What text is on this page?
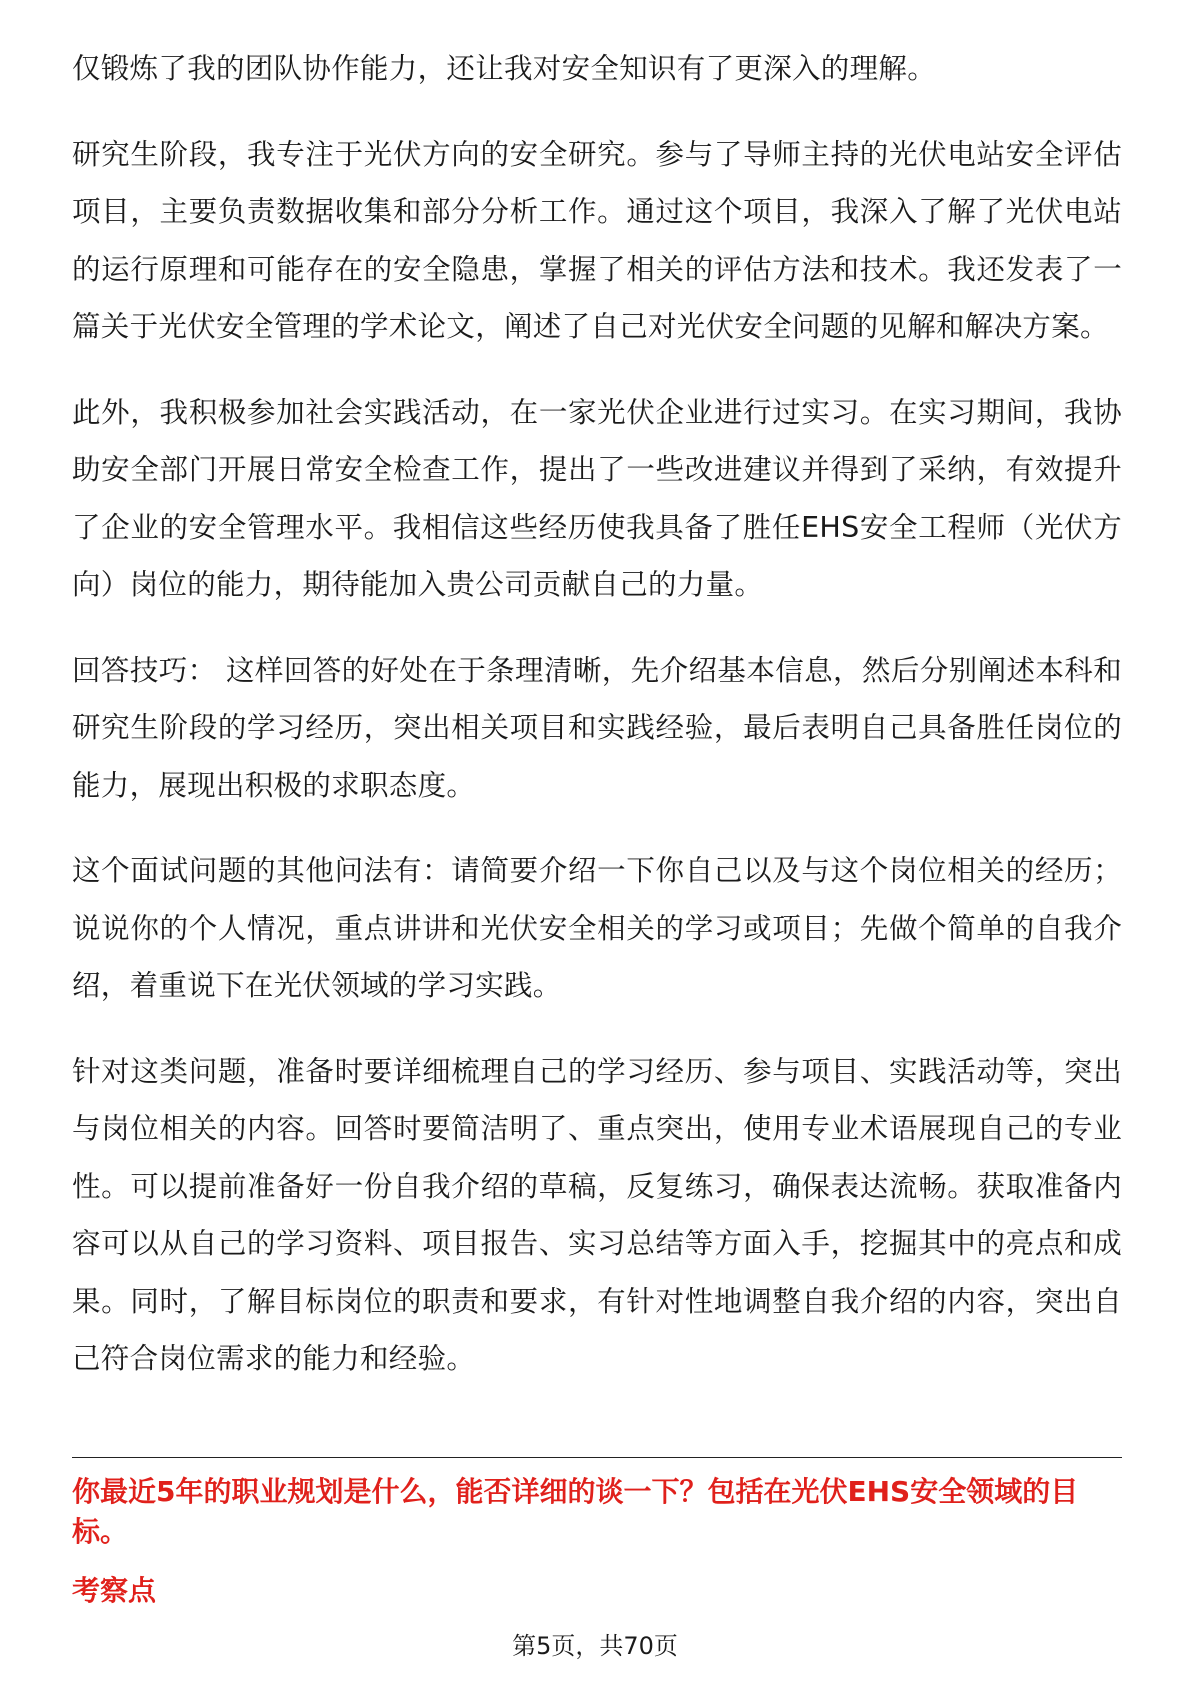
仅锻炼了我的团队协作能力，还让我对安全知识有了更深入的理解。

研究生阶段，我专注于光伏方向的安全研究。参与了导师主持的光伏电站安全评估项目，主要负责数据收集和部分分析工作。通过这个项目，我深入了解了光伏电站的运行原理和可能存在的安全隐患，掌握了相关的评估方法和技术。我还发表了一篇关于光伏安全管理的学术论文，阐述了自己对光伏安全问题的见解和解决方案。

此外，我积极参加社会实践活动，在一家光伏企业进行过实习。在实习期间，我协助安全部门开展日常安全检查工作，提出了一些改进建议并得到了采纳，有效提升了企业的安全管理水平。我相信这些经历使我具备了胜任EHS安全工程师（光伏方向）岗位的能力，期待能加入贵公司贡献自己的力量。

回答技巧： 这样回答的好处在于条理清晰，先介绍基本信息，然后分别阐述本科和研究生阶段的学习经历，突出相关项目和实践经验，最后表明自己具备胜任岗位的能力，展现出积极的求职态度。

这个面试问题的其他问法有：请简要介绍一下你自己以及与这个岗位相关的经历；说说你的个人情况，重点讲讲和光伏安全相关的学习或项目；先做个简单的自我介绍，着重说下在光伏领域的学习实践。

针对这类问题，准备时要详细梳理自己的学习经历、参与项目、实践活动等，突出与岗位相关的内容。回答时要简洁明了、重点突出，使用专业术语展现自己的专业性。可以提前准备好一份自我介绍的草稿，反复练习，确保表达流畅。获取准备内容可以从自己的学习资料、项目报告、实习总结等方面入手，挖掘其中的亮点和成果。同时，了解目标岗位的职责和要求，有针对性地调整自我介绍的内容，突出自己符合岗位需求的能力和经验。

你最近5年的职业规划是什么，能否详细的谈一下？包括在光伏EHS安全领域的目标。

考察点

第5页，共70页
